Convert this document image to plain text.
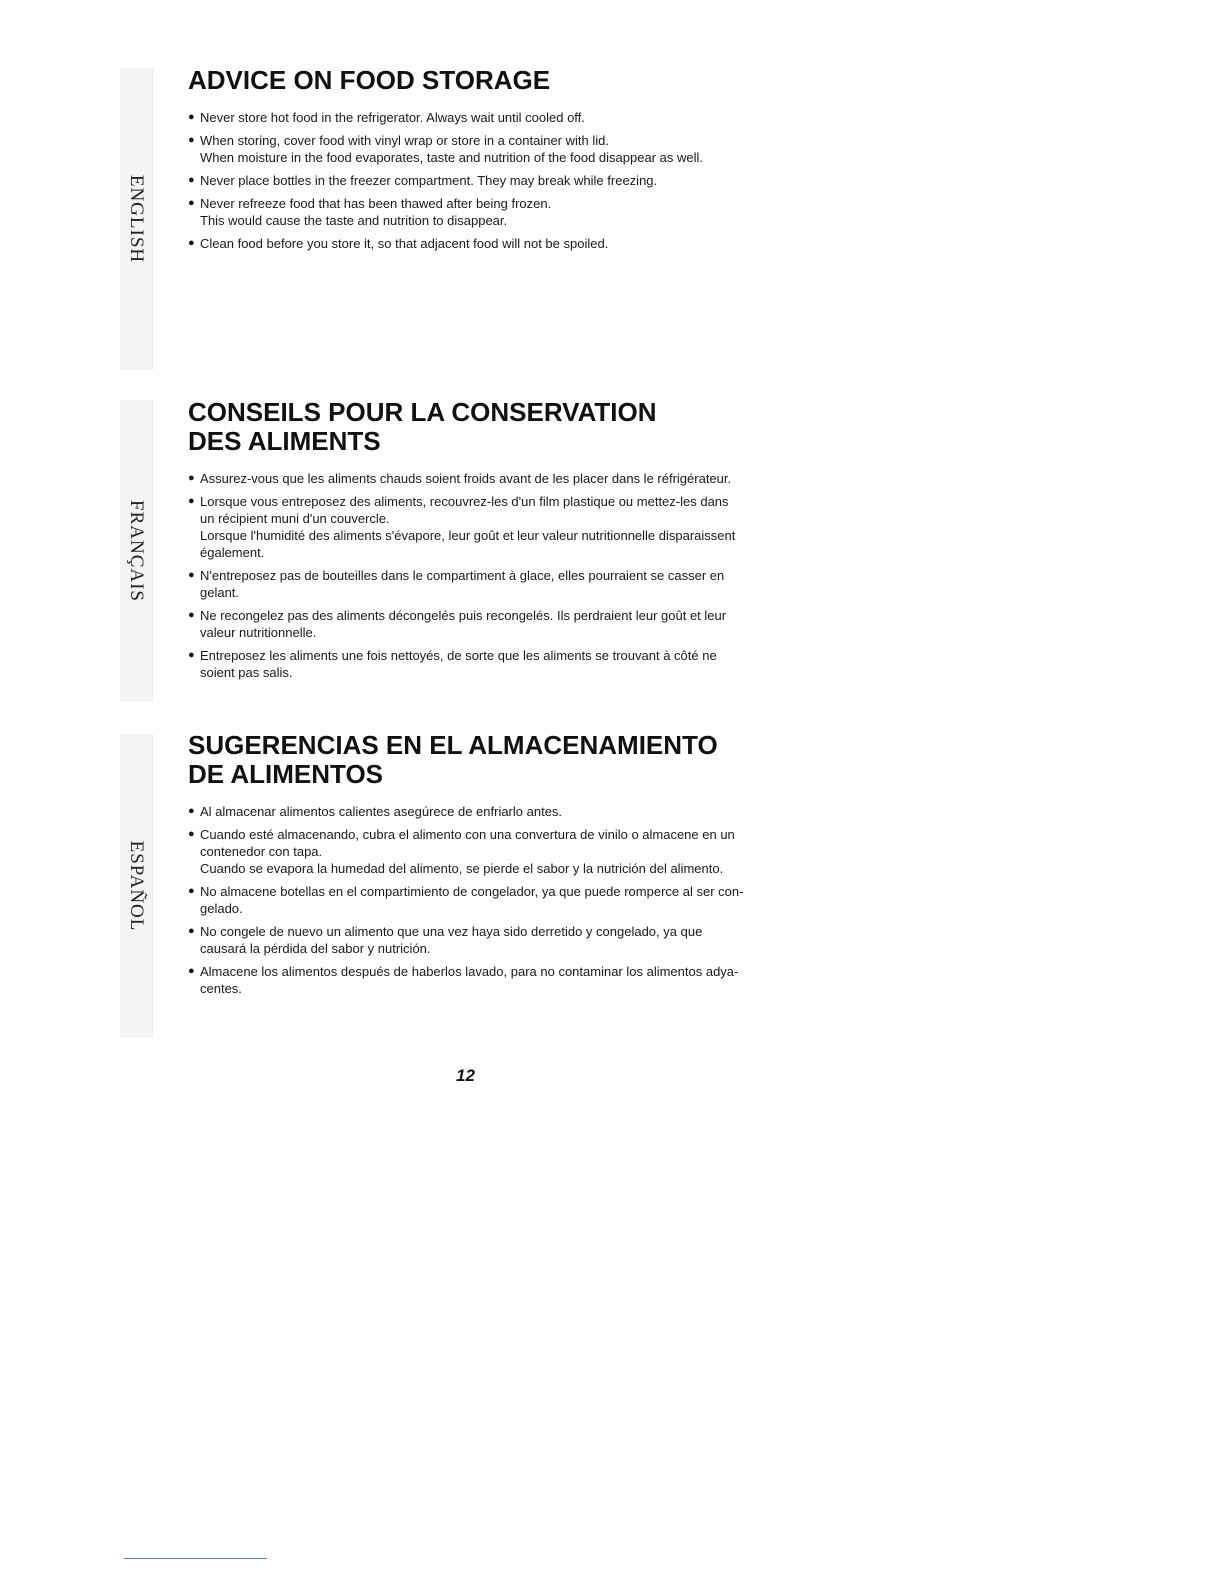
ENGLISH
FRANÇAIS
ESPAÑOL
ADVICE ON FOOD STORAGE
● Never store hot food in the refrigerator. Always wait until cooled off.
● When storing, cover food with vinyl wrap or store in a container with lid.
When moisture in the food evaporates, taste and nutrition of the food disappear as well.
● Never place bottles in the freezer compartment. They may break while freezing.
● Never refreeze food that has been thawed after being frozen.
This would cause the taste and nutrition to disappear.
● Clean food before you store it, so that adjacent food will not be spoiled.
CONSEILS POUR LA CONSERVATION
DES ALIMENTS
● Assurez-vous que les aliments chauds soient froids avant de les placer dans le réfrigérateur.
● Lorsque vous entreposez des aliments, recouvrez-les d'un film plastique ou mettez-les dans
un récipient muni d'un couvercle.
Lorsque l'humidité des aliments s'évapore, leur goût et leur valeur nutritionnelle disparaissent
également.
● N'entreposez pas de bouteilles dans le compartiment à glace, elles pourraient se casser en
gelant.
● Ne recongelez pas des aliments décongelés puis recongelés. Ils perdraient leur goût et leur
valeur nutritionnelle.
● Entreposez les aliments une fois nettoyés, de sorte que les aliments se trouvant à côté ne
soient pas salis.
SUGERENCIAS EN EL ALMACENAMIENTO
DE ALIMENTOS
● Al almacenar alimentos calientes asegúrece de enfriarlo antes.
● Cuando esté almacenando, cubra el alimento con una convertura de vinilo o almacene en un
contenedor con tapa.
Cuando se evapora la humedad del alimento, se pierde el sabor y la nutrición del alimento.
● No almacene botellas en el compartimiento de congelador, ya que puede romperce al ser con-
gelado.
● No congele de nuevo un alimento que una vez haya sido derretido y congelado, ya que
causará la pérdida del sabor y nutrición.
● Almacene los alimentos después de haberlos lavado, para no contaminar los alimentos adya-
centes.
12
